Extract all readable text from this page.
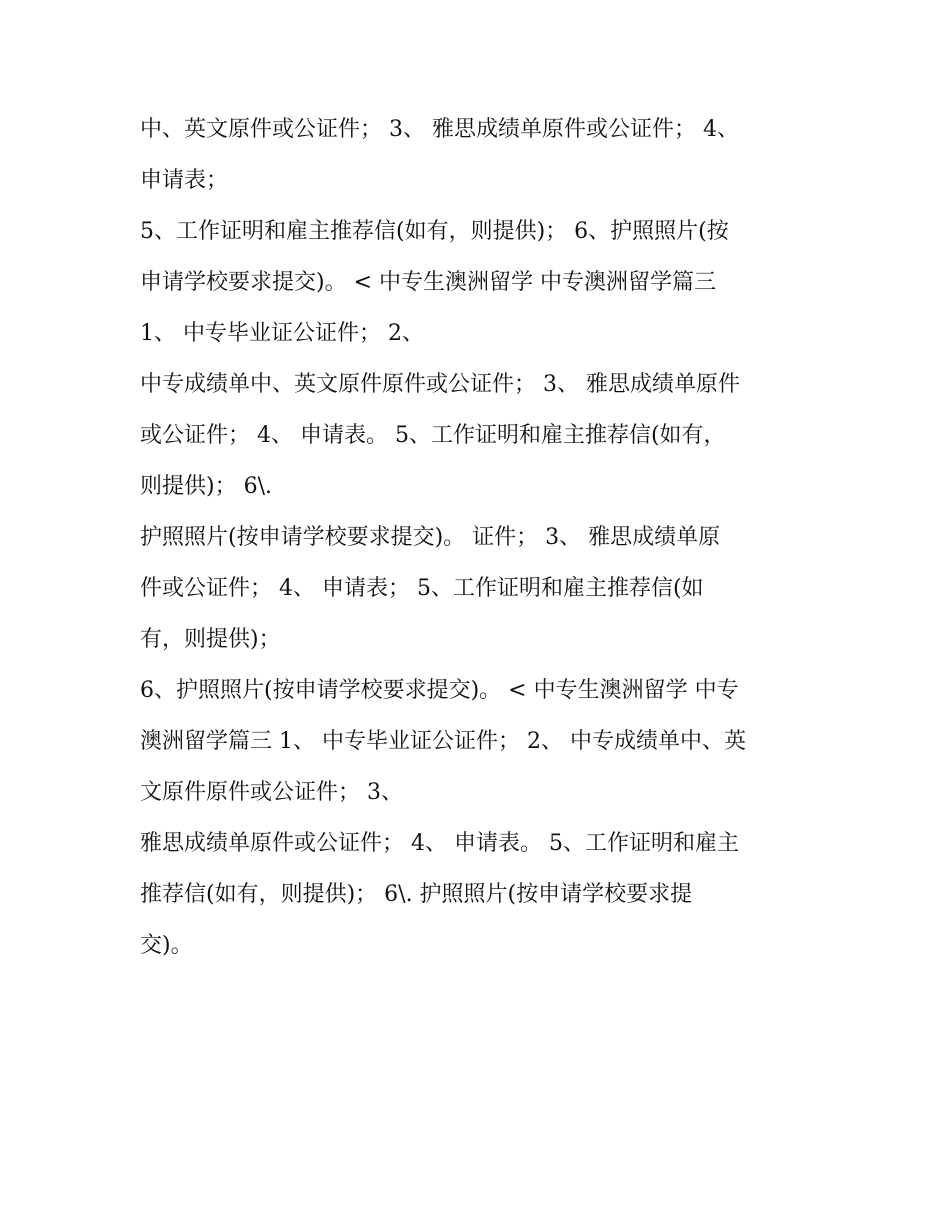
中、英文原件或公证件； 3、 雅思成绩单原件或公证件； 4、

申请表；

5、工作证明和雇主推荐信(如有，则提供)； 6、护照照片(按

申请学校要求提交)。 < 中专生澳洲留学 中专澳洲留学篇三

1、 中专毕业证公证件； 2、

中专成绩单中、英文原件原件或公证件； 3、 雅思成绩单原件

或公证件； 4、 申请表。 5、工作证明和雇主推荐信(如有，

则提供)； 6\.

护照照片(按申请学校要求提交)。 证件； 3、 雅思成绩单原

件或公证件； 4、 申请表； 5、工作证明和雇主推荐信(如

有，则提供)；

6、护照照片(按申请学校要求提交)。 < 中专生澳洲留学 中专

澳洲留学篇三 1、 中专毕业证公证件； 2、 中专成绩单中、英

文原件原件或公证件； 3、

雅思成绩单原件或公证件； 4、 申请表。 5、工作证明和雇主

推荐信(如有，则提供)； 6\. 护照照片(按申请学校要求提

交)。
